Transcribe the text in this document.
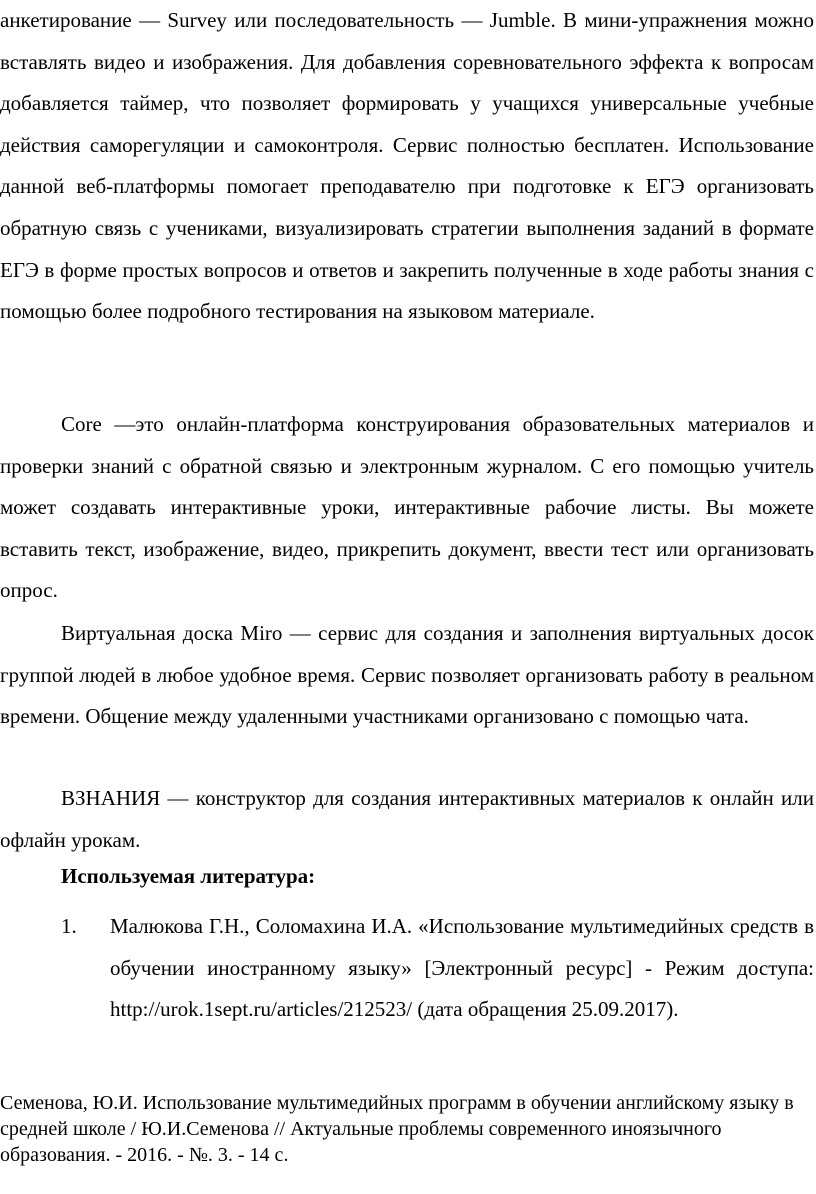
анкетирование — Survey или последовательность — Jumble. В мини-упражнения можно вставлять видео и изображения. Для добавления соревновательного эффекта к вопросам добавляется таймер, что позволяет формировать у учащихся универсальные учебные действия саморегуляции и самоконтроля. Сервис полностью бесплатен. Использование данной веб-платформы помогает преподавателю при подготовке к ЕГЭ организовать обратную связь с учениками, визуализировать стратегии выполнения заданий в формате ЕГЭ в форме простых вопросов и ответов и закрепить полученные в ходе работы знания с помощью более подробного тестирования на языковом материале.

Core —это онлайн-платформа конструирования образовательных материалов и проверки знаний с обратной связью и электронным журналом. С его помощью учитель может создавать интерактивные уроки, интерактивные рабочие листы. Вы можете вставить текст, изображение, видео, прикрепить документ, ввести тест или организовать опрос.

Виртуальная доска Miro — сервис для создания и заполнения виртуальных досок группой людей в любое удобное время. Сервис позволяет организовать работу в реальном времени. Общение между удаленными участниками организовано с помощью чата.

ВЗНАНИЯ — конструктор для создания интерактивных материалов к онлайн или офлайн урокам.

Используемая литература:

1. Малюкова Г.Н., Соломахина И.А. «Использование мультимедийных средств в обучении иностранному языку» [Электронный ресурс] - Режим доступа: http://urok.1sept.ru/articles/212523/ (дата обращения 25.09.2017).

Семенова, Ю.И. Использование мультимедийных программ в обучении английскому языку в средней школе / Ю.И.Семенова // Актуальные проблемы современного иноязычного образования. - 2016. - №. 3. - 14 с.
